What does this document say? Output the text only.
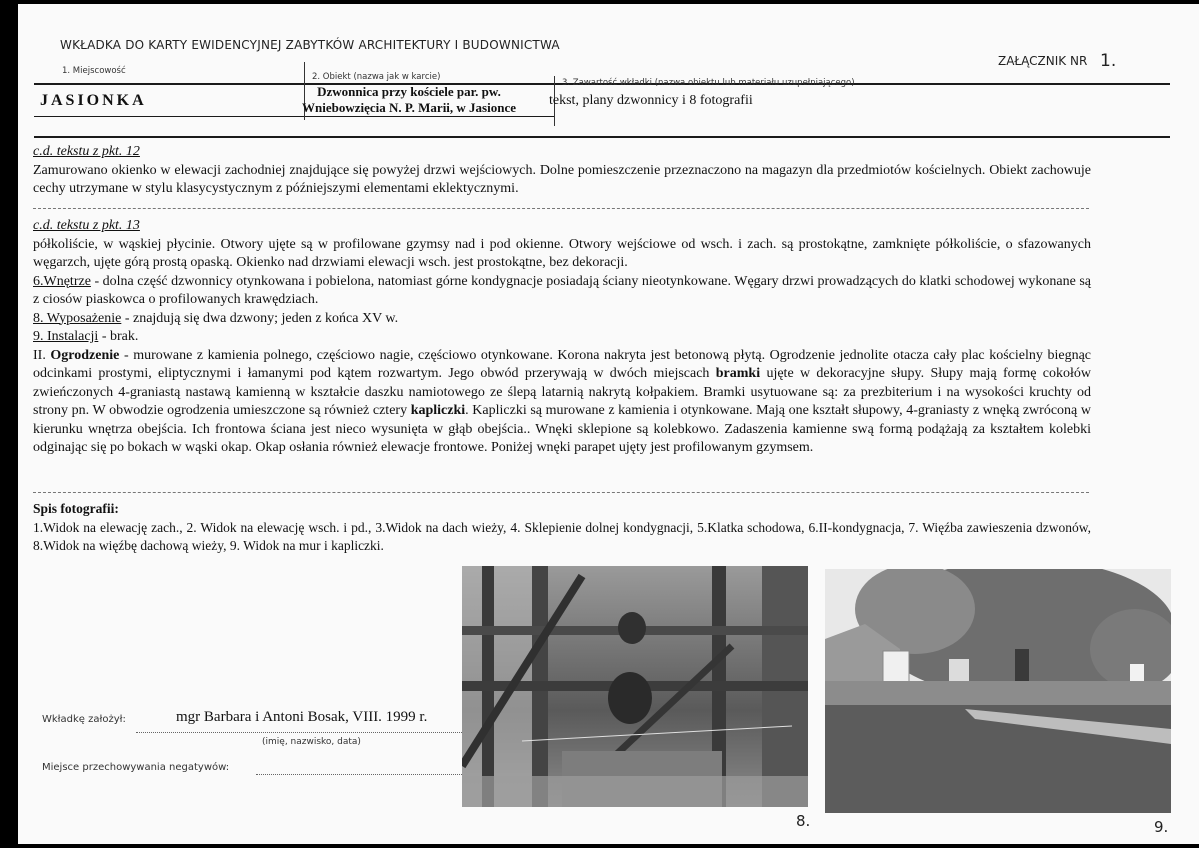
WKŁADKA DO KARTY EWIDENCYJNEJ ZABYTKÓW ARCHITEKTURY I BUDOWNICTWA
ZAŁĄCZNIK NR 1.
1. Miejscowość
JASIONKA
2. Obiekt (nazwa jak w karcie)
Dzwonnica przy kościele par. pw.
Wniebowzięcia N. P. Marii, w Jasionce
3. Zawartość wkładki (nazwa obiektu lub materiału uzupełniającego)
tekst, plany dzwonnicy i 8 fotografii

c.d. tekstu z pkt. 12

Zamurowano okienko w elewacji zachodniej znajdujące się powyżej drzwi wejściowych. Dolne pomieszczenie przeznaczono na magazyn dla przedmiotów kościelnych. Obiekt zachowuje cechy utrzymane w stylu klasycystycznym z późniejszymi elementami eklektycznymi.

c.d. tekstu z pkt. 13

półkoliście, w wąskiej płycinie. Otwory ujęte są w profilowane gzymsy nad i pod okienne. Otwory wejściowe od wsch. i zach. są prostokątne, zamknięte półkoliście, o sfazowanych węgarzch, ujęte górą prostą opaską. Okienko nad drzwiami elewacji wsch. jest prostokątne, bez dekoracji.

6.Wnętrze - dolna część dzwonnicy otynkowana i pobielona, natomiast górne kondygnacje posiadają ściany nieotynkowane. Węgary drzwi prowadzących do klatki schodowej wykonane są z ciosów piaskowca o profilowanych krawędziach.

8. Wyposażenie - znajdują się dwa dzwony; jeden z końca XV w.

9. Instalacji - brak.

II. Ogrodzenie - murowane z kamienia polnego, częściowo nagie, częściowo otynkowane. Korona nakryta jest betonową płytą. Ogrodzenie jednolite otacza cały plac kościelny biegnąc odcinkami prostymi, eliptycznymi i łamanymi pod kątem rozwartym. Jego obwód przerywają w dwóch miejscach bramki ujęte w dekoracyjne słupy. Słupy mają formę cokołów zwieńczonych 4-graniastą nastawą kamienną w kształcie daszku namiotowego ze ślepą latarnią nakrytą kołpakiem. Bramki usytuowane są: za prezbiterium i na wysokości kruchty od strony pn. W obwodzie ogrodzenia umieszczone są również cztery kapliczki. Kapliczki są murowane z kamienia i otynkowane. Mają one kształt słupowy, 4-graniasty z wnęką zwróconą w kierunku wnętrza obejścia. Ich frontowa ściana jest nieco wysunięta w głąb obejścia.. Wnęki sklepione są kolebkowo. Zadaszenia kamienne swą formą podążają za kształtem kolebki odginając się po bokach w wąski okap. Okap osłania również elewacje frontowe. Poniżej wnęki parapet ujęty jest profilowanym gzymsem.

Spis fotografii:

1.Widok na elewację zach., 2. Widok na elewację wsch. i pd., 3.Widok na dach wieży, 4. Sklepienie dolnej kondygnacji, 5.Klatka schodowa, 6.II-kondygnacja, 7. Więźba zawieszenia dzwonów, 8.Widok na więźbę dachową wieży, 9. Widok na mur i kapliczki.

8.	9.
Wkładkę założył:	mgr Barbara i Antoni Bosak, VIII. 1999 r.
(imię, nazwisko, data)
Miejsce przechowywania negatywów:
